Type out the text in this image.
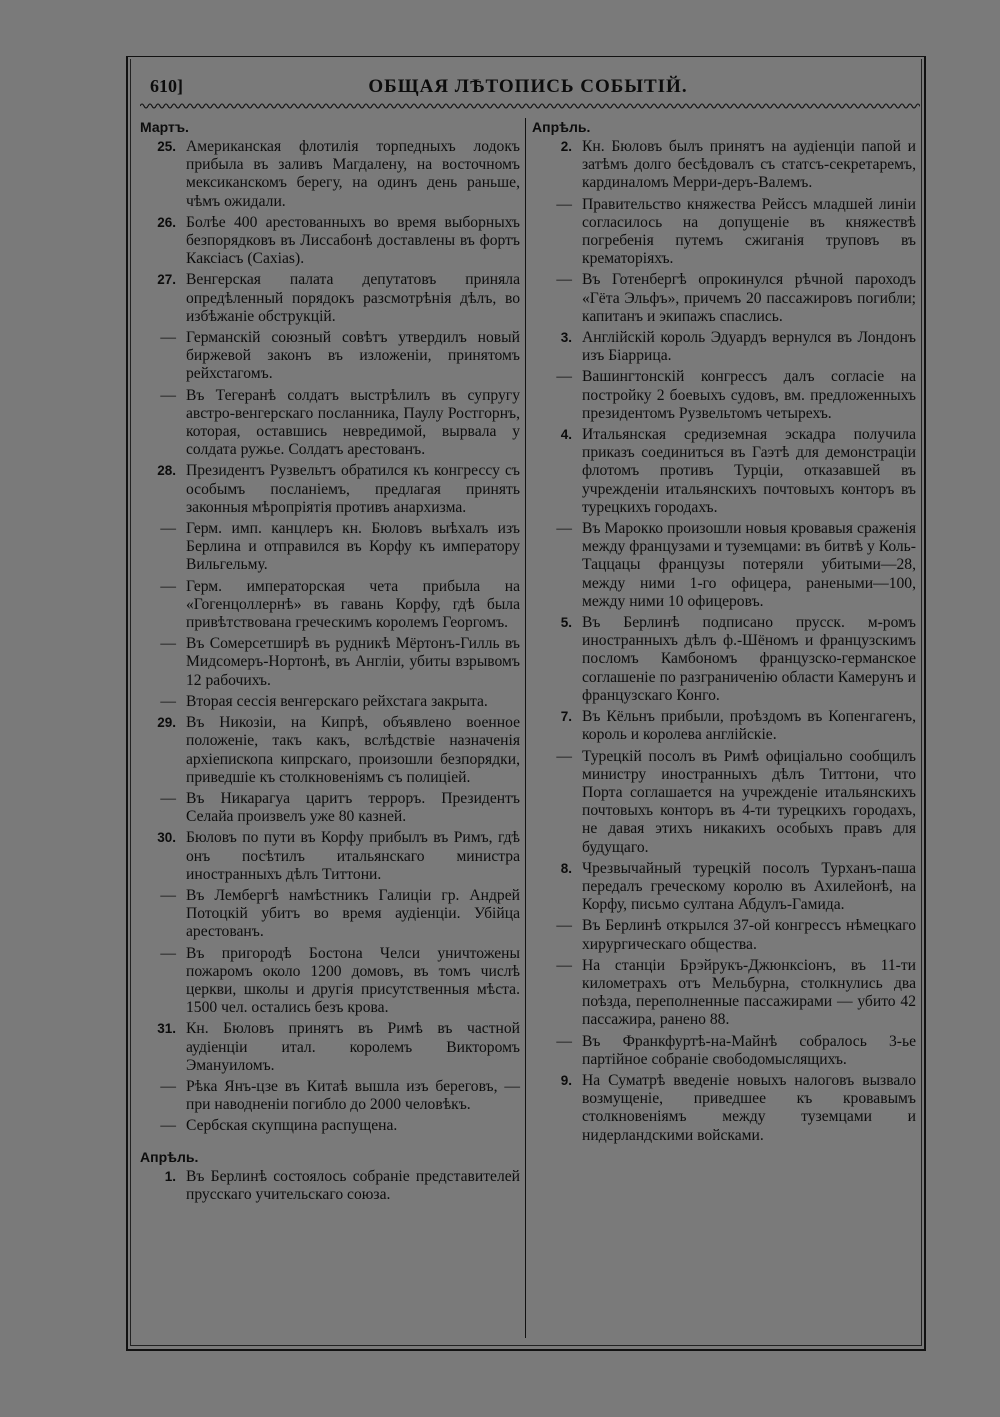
610]	ОБЩАЯ ЛѢТОПИСЬ СОБЫТІЙ.
Мартъ.
25. Американская флотилія торпедныхъ лодокъ прибыла въ заливъ Магдалену, на восточномъ мексиканскомъ берегу, на одинъ день раньше, чѣмъ ожидали.
26. Болѣе 400 арестованныхъ во время выборныхъ безпорядковъ въ Лиссабонѣ доставлены въ фортъ Каксіасъ (Сахіаs).
27. Венгерская палата депутатовъ приняла опредѣленный порядокъ разсмотрѣнія дѣлъ, во избѣжаніе обструкцій.
— Германскій союзный совѣтъ утвердилъ новый биржевой законъ въ изложеніи, принятомъ рейхстагомъ.
— Въ Тегеранѣ солдатъ выстрѣлилъ въ супругу австро-венгерскаго посланника, Паулу Ростгорнъ, которая, оставшись невредимой, вырвала у солдата ружье. Солдатъ арестованъ.
28. Президентъ Рузвельтъ обратился къ конгрессу съ особымъ посланіемъ, предлагая принять законныя мѣропріятія противъ анархизма.
— Герм. имп. канцлеръ кн. Бюловъ выѣхалъ изъ Берлина и отправился въ Корфу къ императору Вильгельму.
— Герм. императорская чета прибыла на «Гогенцоллернѣ» въ гавань Корфу, гдѣ была привѣтствована греческимъ королемъ Георгомъ.
— Въ Сомерсетширѣ въ рудникѣ Мёртонъ-Гилль въ Мидсомеръ-Нортонѣ, въ Англіи, убиты взрывомъ 12 рабочихъ.
— Вторая сессія венгерскаго рейхстага закрыта.
29. Въ Никозіи, на Кипрѣ, объявлено военное положеніе, такъ какъ, вслѣдствіе назначенія архіепископа кипрскаго, произошли безпорядки, приведшіе къ столкновеніямъ съ полиціей.
— Въ Никарагуа царитъ терроръ. Президентъ Селайа произвелъ уже 80 казней.
30. Бюловъ по пути въ Корфу прибылъ въ Римъ, гдѣ онъ посѣтилъ итальянскаго министра иностранныхъ дѣлъ Титтони.
— Въ Лембергѣ намѣстникъ Галиціи гр. Андрей Потоцкій убитъ во время аудіенціи. Убійца арестованъ.
— Въ пригородѣ Бостона Челси уничтожены пожаромъ около 1200 домовъ, въ томъ числѣ церкви, школы и другія присутственныя мѣста. 1500 чел. остались безъ крова.
31. Кн. Бюловъ принятъ въ Римѣ въ частной аудіенціи итал. королемъ Викторомъ Эмануиломъ.
— Рѣка Янъ-цзе въ Китаѣ вышла изъ береговъ, — при наводненіи погибло до 2000 человѣкъ.
— Сербская скупщина распущена.
Апрѣль.
1. Въ Берлинѣ состоялось собраніе представителей прусскаго учительскаго союза.
Апрѣль.
2. Кн. Бюловъ былъ принятъ на аудіенціи папой и затѣмъ долго бесѣдовалъ съ статсъ-секретаремъ, кардиналомъ Мерри-деръ-Валемъ.
— Правительство княжества Рейссъ младшей линіи согласилось на допущеніе въ княжествѣ погребенія путемъ сжиганія труповъ въ крематоріяхъ.
— Въ Готенбергѣ опрокинулся рѣчной пароходъ «Гёта Эльфъ», причемъ 20 пассажировъ погибли; капитанъ и экипажъ спаслись.
3. Англійскій король Эдуардъ вернулся въ Лондонъ изъ Біаррица.
— Вашингтонскій конгрессъ далъ согласіе на постройку 2 боевыхъ судовъ, вм. предложенныхъ президентомъ Рузвельтомъ четырехъ.
4. Итальянская средиземная эскадра получила приказъ соединиться въ Гаэтѣ для демонстраціи флотомъ противъ Турціи, отказавшей въ учрежденіи итальянскихъ почтовыхъ конторъ въ турецкихъ городахъ.
— Въ Марокко произошли новыя кровавыя сраженія между французами и туземцами: въ битвѣ у Коль-Таццацы французы потеряли убитыми—28, между ними 1-го офицера, ранеными—100, между ними 10 офицеровъ.
5. Въ Берлинѣ подписано прусск. м-ромъ иностранныхъ дѣлъ ф.-Шёномъ и французскимъ посломъ Камбономъ французско-германское соглашеніе по разграниченію области Камерунъ и французскаго Конго.
7. Въ Кёльнъ прибыли, проѣздомъ въ Копенгагенъ, король и королева англійскіе.
— Турецкій посолъ въ Римѣ офиціально сообщилъ министру иностранныхъ дѣлъ Титтони, что Порта соглашается на учрежденіе итальянскихъ почтовыхъ конторъ въ 4-ти турецкихъ городахъ, не давая этихъ никакихъ особыхъ правъ для будущаго.
8. Чрезвычайный турецкій посолъ Турханъ-паша передалъ греческому королю въ Ахилейонѣ, на Корфу, письмо султана Абдулъ-Гамида.
— Въ Берлинѣ открылся 37-ой конгрессъ нѣмецкаго хирургическаго общества.
— На станціи Брэйрукъ-Джюнксіонъ, въ 11-ти километрахъ отъ Мельбурна, столкнулись два поѣзда, переполненные пассажирами — убито 42 пассажира, ранено 88.
— Въ Франкфуртѣ-на-Майнѣ собралось 3-ье партійное собраніе свободомыслящихъ.
9. На Суматрѣ введеніе новыхъ налоговъ вызвало возмущеніе, приведшее къ кровавымъ столкновеніямъ между туземцами и нидерландскими войсками.
